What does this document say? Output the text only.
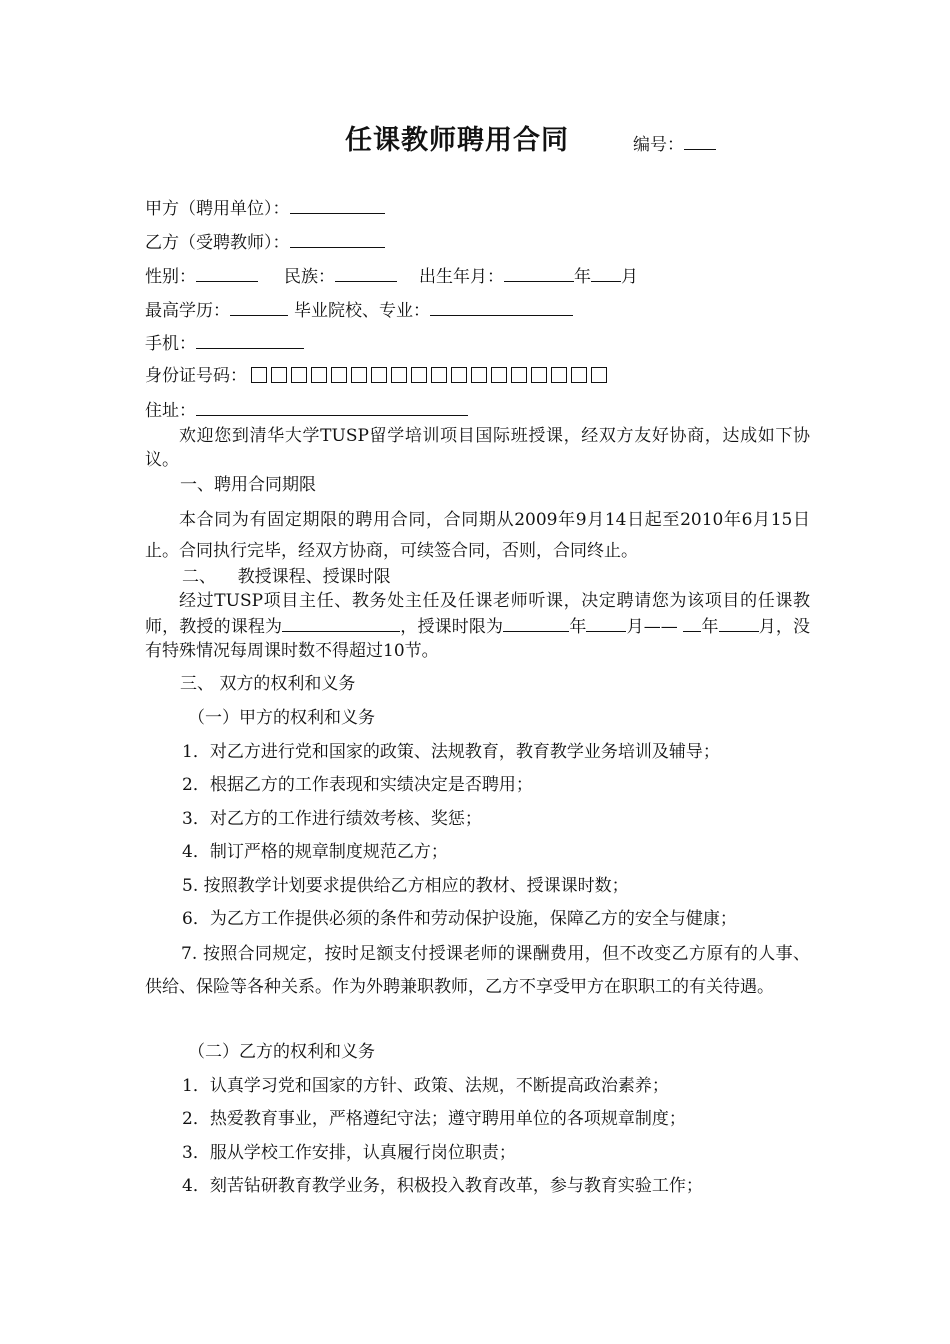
任课教师聘用合同	编号：
甲方（聘用单位）：
乙方（受聘教师）：
性别：	民族：	出生年月：	年 月
最高学历：	毕业院校、专业：
手机：
身份证号码：
住址：
欢迎您到清华大学TUSP留学培训项目国际班授课，经双方友好协商，达成如下协议。
一、聘用合同期限
本合同为有固定期限的聘用合同，合同期从2009年9月14日起至2010年6月15日止。合同执行完毕，经双方协商，可续签合同，否则，合同终止。
二、    教授课程、授课时限
经过TUSP项目主任、教务处主任及任课老师听课，决定聘请您为该项目的任课教师，教授的课程为	，授课时限为	年 月—— 年 月，没有特殊情况每周课时数不得超过10节。
三、 双方的权利和义务
（一）甲方的权利和义务
1．对乙方进行党和国家的政策、法规教育，教育教学业务培训及辅导；
2．根据乙方的工作表现和实绩决定是否聘用；
3．对乙方的工作进行绩效考核、奖惩；
4．制订严格的规章制度规范乙方；
5. 按照教学计划要求提供给乙方相应的教材、授课课时数；
6．为乙方工作提供必须的条件和劳动保护设施，保障乙方的安全与健康；
7. 按照合同规定，按时足额支付授课老师的课酬费用，但不改变乙方原有的人事、供给、保险等各种关系。作为外聘兼职教师，乙方不享受甲方在职职工的有关待遇。
（二）乙方的权利和义务
1．认真学习党和国家的方针、政策、法规，不断提高政治素养；
2．热爱教育事业，严格遵纪守法；遵守聘用单位的各项规章制度；
3．服从学校工作安排，认真履行岗位职责；
4．刻苦钻研教育教学业务，积极投入教育改革，参与教育实验工作；
